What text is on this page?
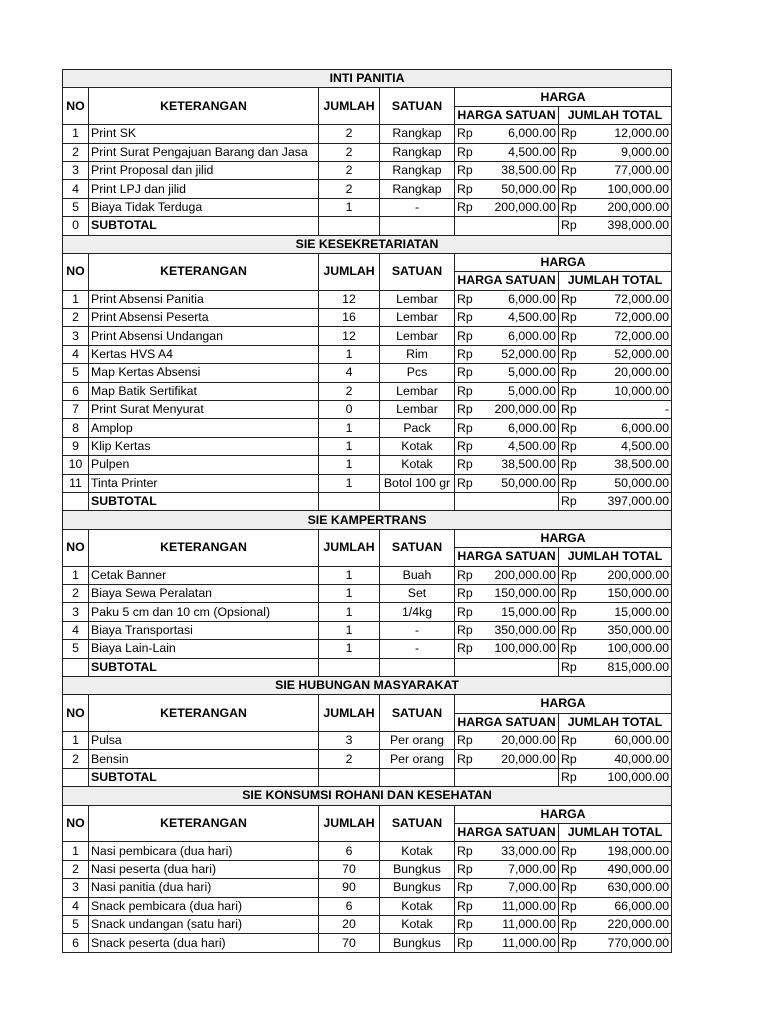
INTI PANITIA					
NO	KETERANGAN	JUMLAH	SATUAN	HARGA	
				HARGA SATUAN	JUMLAH TOTAL
1	Print SK	2	Rangkap	Rp 6,000.00	Rp 12,000.00

2	Print Surat Pengajuan Barang dan Jasa	2	Rangkap	Rp 4,500.00	Rp 9,000.00

3	Print Proposal dan jilid	2	Rangkap	Rp 38,500.00	Rp 77,000.00

4	Print LPJ dan jilid	2	Rangkap	Rp 50,000.00	Rp 100,000.00

5	Biaya Tidak Terduga	1	-	Rp 200,000.00	Rp 200,000.00

0	SUBTOTAL				Rp 398,000.00

SIE KESEKRETARIATAN					
NO	KETERANGAN	JUMLAH	SATUAN	HARGA	
				HARGA SATUAN	JUMLAH TOTAL
1	Print Absensi Panitia	12	Lembar	Rp 6,000.00	Rp 72,000.00

2	Print Absensi Peserta	16	Lembar	Rp 4,500.00	Rp 72,000.00

3	Print Absensi Undangan	12	Lembar	Rp 6,000.00	Rp 72,000.00

4	Kertas HVS A4	1	Rim	Rp 52,000.00	Rp 52,000.00

5	Map Kertas Absensi	4	Pcs	Rp 5,000.00	Rp 20,000.00

6	Map Batik Sertifikat	2	Lembar	Rp 5,000.00	Rp 10,000.00

7	Print Surat Menyurat	0	Lembar	Rp 200,000.00	Rp -

8	Amplop	1	Pack	Rp 6,000.00	Rp 6,000.00

9	Klip Kertas	1	Kotak	Rp 4,500.00	Rp 4,500.00

10	Pulpen	1	Kotak	Rp 38,500.00	Rp 38,500.00

11	Tinta Printer	1	Botol 100 gr	Rp 50,000.00	Rp 50,000.00

	SUBTOTAL				Rp 397,000.00

SIE KAMPERTRANS					
NO	KETERANGAN	JUMLAH	SATUAN	HARGA	
				HARGA SATUAN	JUMLAH TOTAL
1	Cetak Banner	1	Buah	Rp 200,000.00	Rp 200,000.00

2	Biaya Sewa Peralatan	1	Set	Rp 150,000.00	Rp 150,000.00

3	Paku 5 cm dan 10 cm (Opsional)	1	1/4kg	Rp 15,000.00	Rp 15,000.00

4	Biaya Transportasi	1	-	Rp 350,000.00	Rp 350,000.00

5	Biaya Lain-Lain	1	-	Rp 100,000.00	Rp 100,000.00

	SUBTOTAL				Rp 815,000.00

SIE HUBUNGAN MASYARAKAT					
NO	KETERANGAN	JUMLAH	SATUAN	HARGA	
				HARGA SATUAN	JUMLAH TOTAL
1	Pulsa	3	Per orang	Rp 20,000.00	Rp 60,000.00

2	Bensin	2	Per orang	Rp 20,000.00	Rp 40,000.00

	SUBTOTAL				Rp 100,000.00

SIE KONSUMSI ROHANI DAN KESEHATAN					
NO	KETERANGAN	JUMLAH	SATUAN	HARGA	
				HARGA SATUAN	JUMLAH TOTAL
1	Nasi pembicara (dua hari)	6	Kotak	Rp 33,000.00	Rp 198,000.00

2	Nasi peserta (dua hari)	70	Bungkus	Rp 7,000.00	Rp 490,000.00

3	Nasi panitia (dua hari)	90	Bungkus	Rp 7,000.00	Rp 630,000.00

4	Snack pembicara (dua hari)	6	Kotak	Rp 11,000.00	Rp 66,000.00

5	Snack undangan (satu hari)	20	Kotak	Rp 11,000.00	Rp 220,000.00

6	Snack peserta (dua hari)	70	Bungkus	Rp 11,000.00	Rp 770,000.00
